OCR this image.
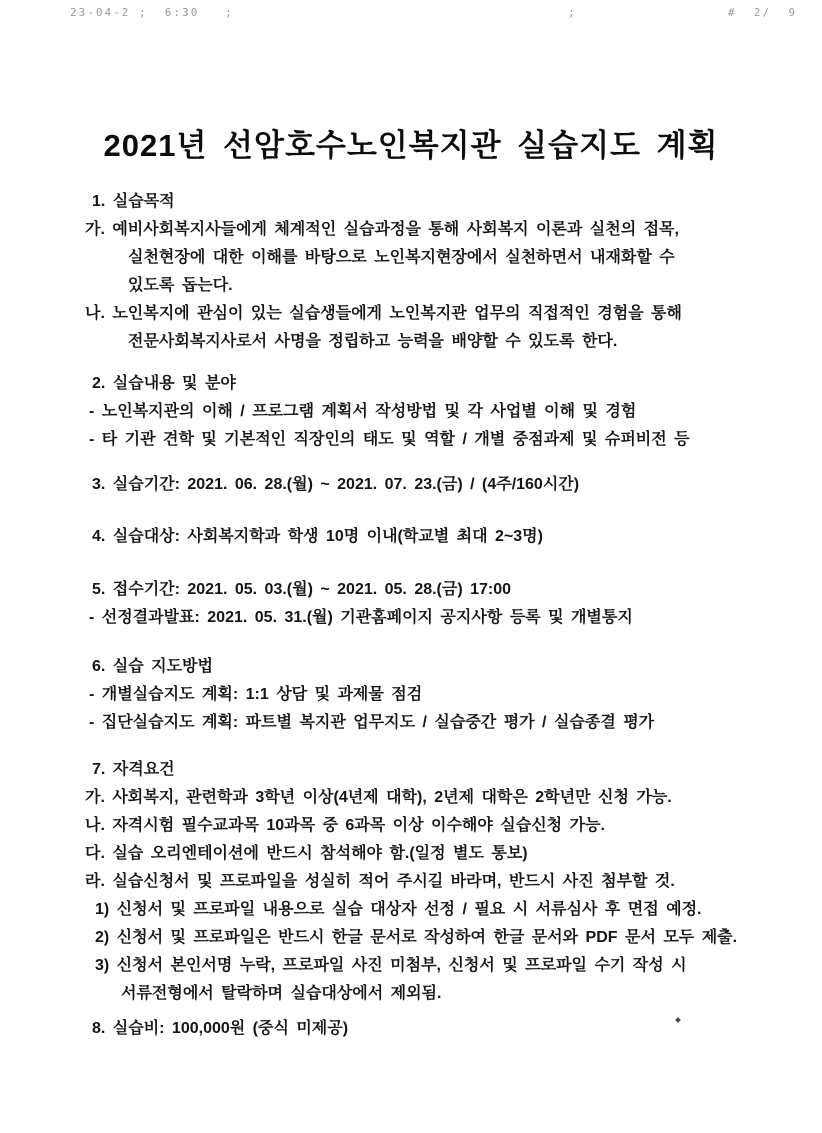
23-04-2 ;  6:30   ;

	;

	#  2/  9

2021년 선암호수노인복지관 실습지도 계획
1. 실습목적
가. 예비사회복지사들에게 체계적인 실습과정을 통해 사회복지 이론과 실천의 접목,
실천현장에 대한 이해를 바탕으로 노인복지현장에서 실천하면서 내재화할 수
있도록 돕는다.
나. 노인복지에 관심이 있는 실습생들에게 노인복지관 업무의 직접적인 경험을 통해
전문사회복지사로서 사명을 정립하고 능력을 배양할 수 있도록 한다.
2. 실습내용 및 분야
- 노인복지관의 이해 / 프로그램 계획서 작성방법 및 각 사업별 이해 및 경험
- 타 기관 견학 및 기본적인 직장인의 태도 및 역할 / 개별 중점과제 및 슈퍼비전 등
3. 실습기간: 2021. 06. 28.(월) ~ 2021. 07. 23.(금) / (4주/160시간)
4. 실습대상: 사회복지학과 학생 10명 이내(학교별 최대 2~3명)
5. 접수기간: 2021. 05. 03.(월) ~ 2021. 05. 28.(금) 17:00
- 선정결과발표: 2021. 05. 31.(월) 기관홈페이지 공지사항 등록 및 개별통지
6. 실습 지도방법
- 개별실습지도 계획: 1:1 상담 및 과제물 점검
- 집단실습지도 계획: 파트별 복지관 업무지도 / 실습중간 평가 / 실습종결 평가
7. 자격요건
가. 사회복지, 관련학과 3학년 이상(4년제 대학), 2년제 대학은 2학년만 신청 가능.
나. 자격시험 필수교과목 10과목 중 6과목 이상 이수해야 실습신청 가능.
다. 실습 오리엔테이션에 반드시 참석해야 함.(일정 별도 통보)
라. 실습신청서 및 프로파일을 성실히 적어 주시길 바라며, 반드시 사진 첨부할 것.
1) 신청서 및 프로파일 내용으로 실습 대상자 선정 / 필요 시 서류심사 후 면접 예정.
2) 신청서 및 프로파일은 반드시 한글 문서로 작성하여 한글 문서와 PDF 문서 모두 제출.
3) 신청서 본인서명 누락, 프로파일 사진 미첨부, 신청서 및 프로파일 수기 작성 시
서류전형에서 탈락하며 실습대상에서 제외됨.
8. 실습비: 100,000원 (중식 미제공)
